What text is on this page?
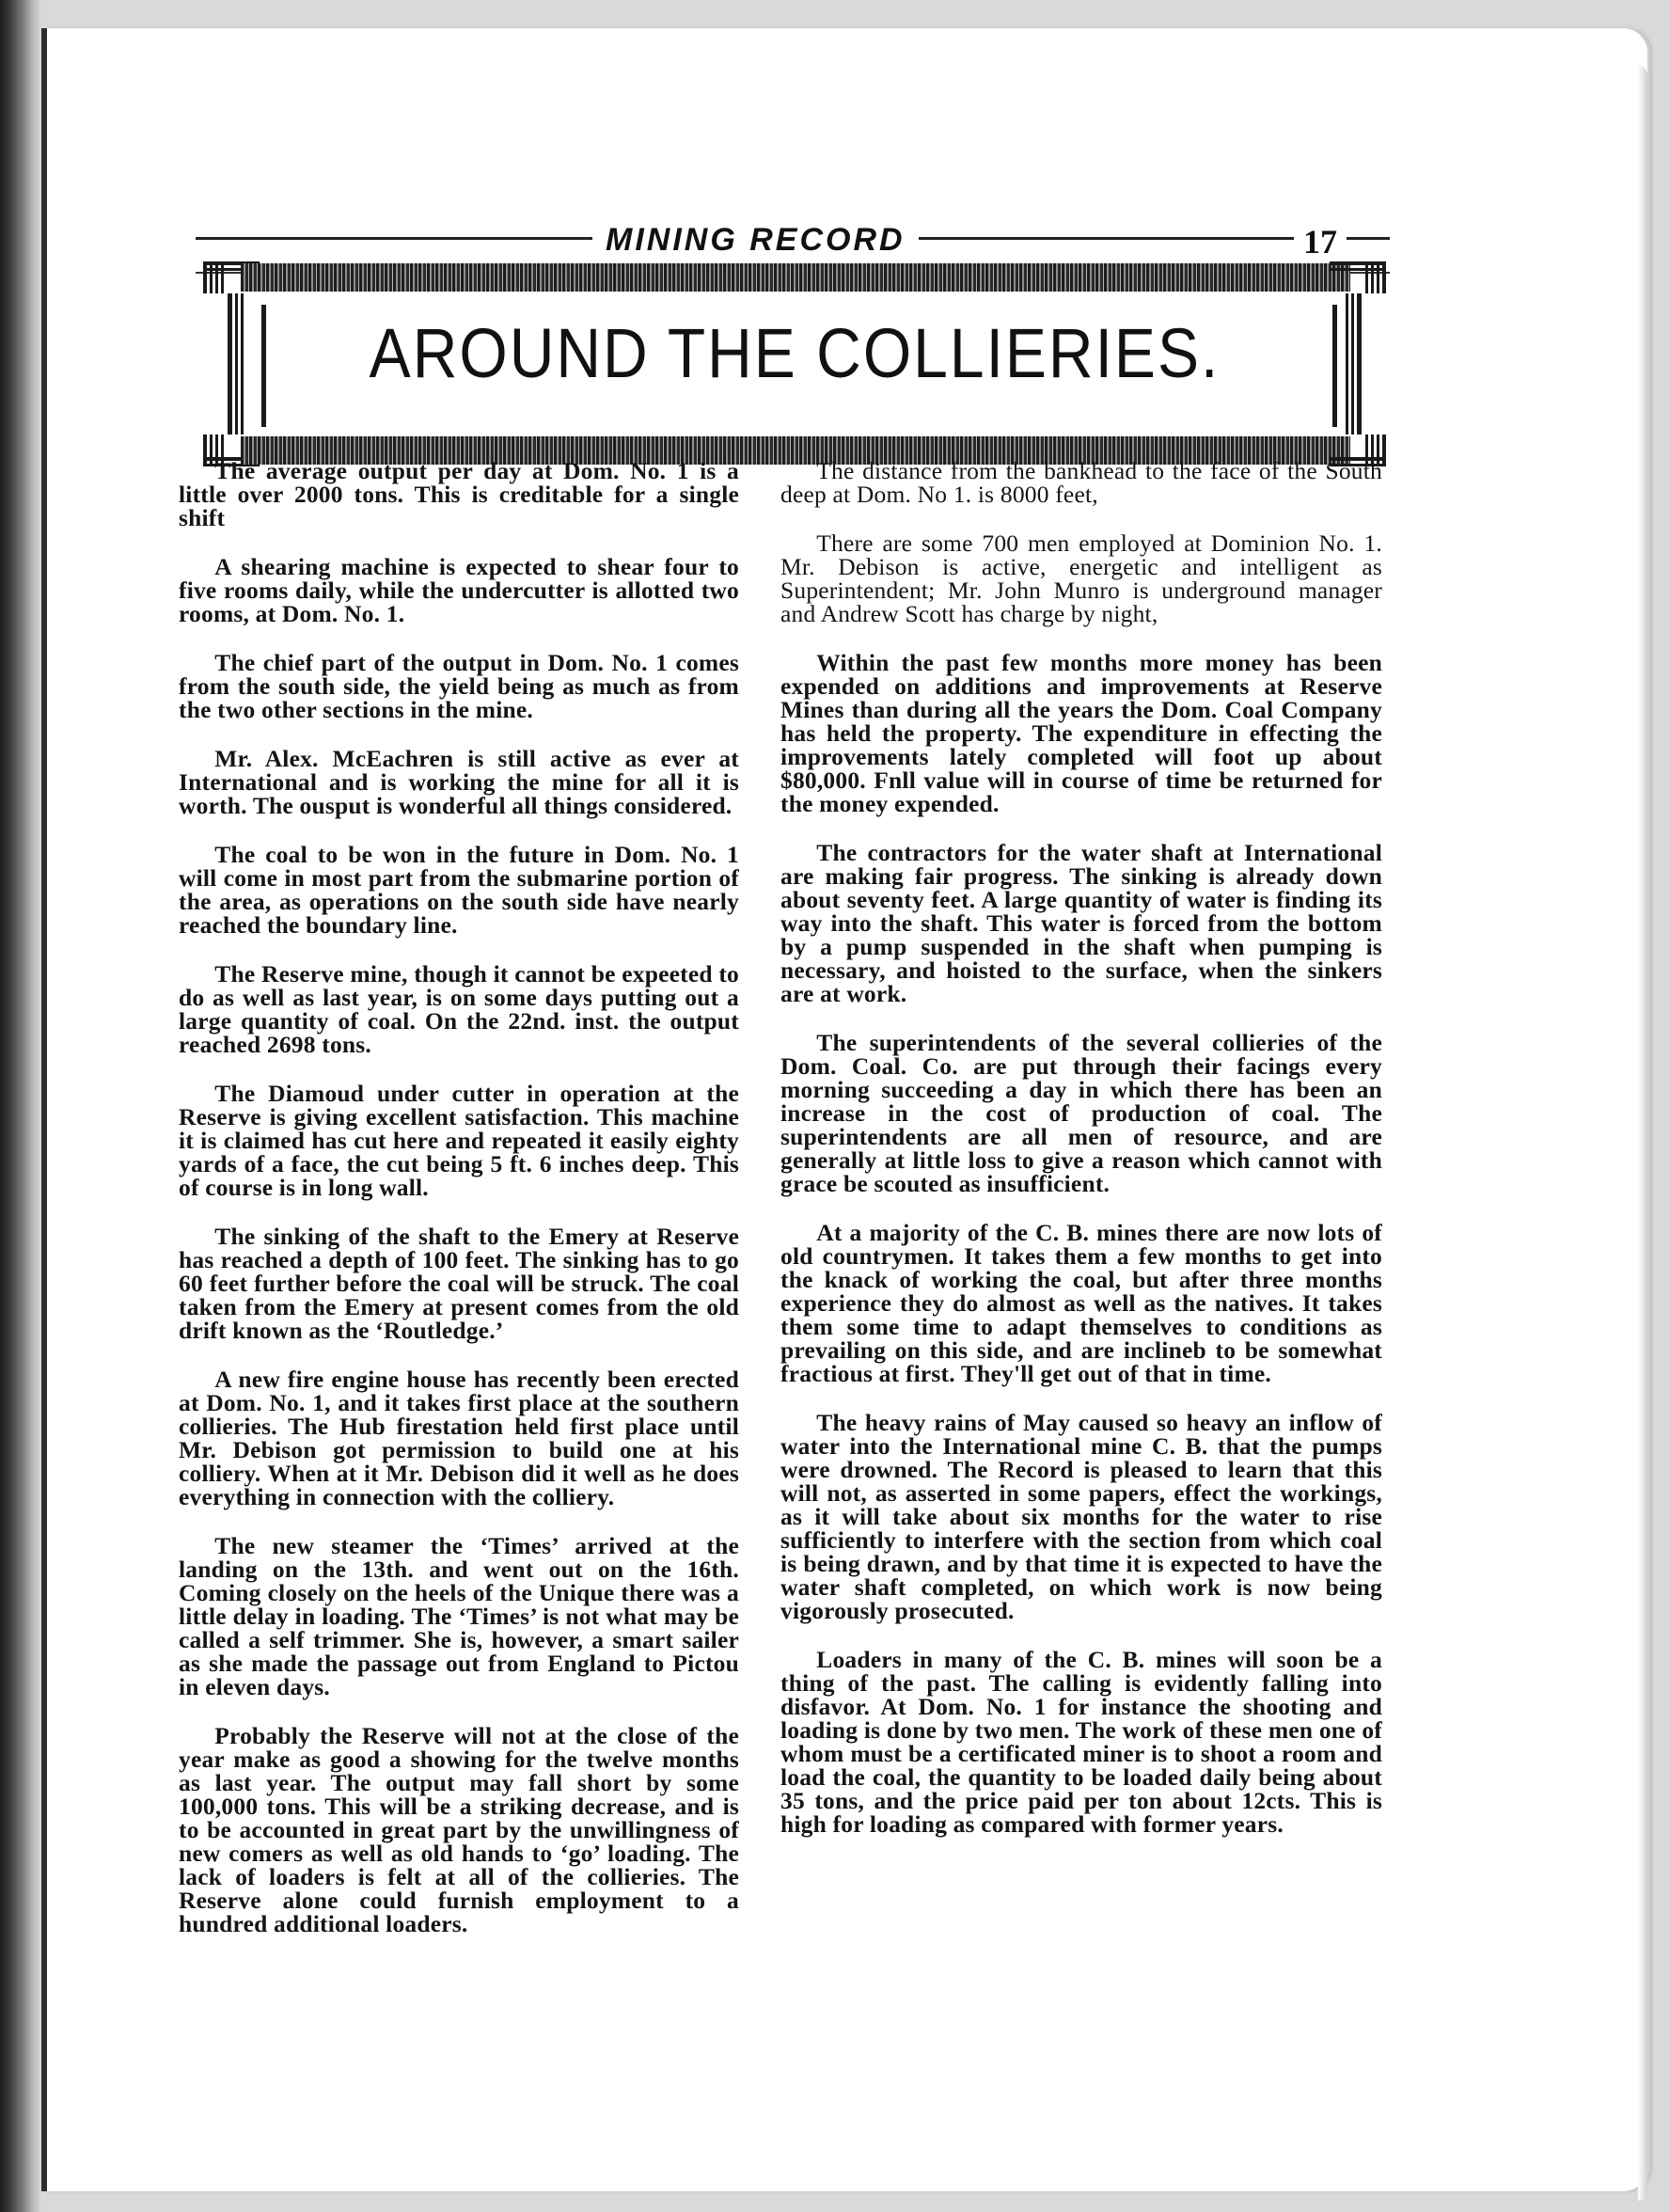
MINING RECORD	17
AROUND THE COLLIERIES.

The average output per day at Dom. No. 1 is a little over 2000 tons. This is creditable for a single shift

A shearing machine is expected to shear four to five rooms daily, while the undercutter is allotted two rooms, at Dom. No. 1.

The chief part of the output in Dom. No. 1 comes from the south side, the yield being as much as from the two other sections in the mine.

Mr. Alex. McEachren is still active as ever at International and is working the mine for all it is worth. The ousput is wonderful all things considered.

The coal to be won in the future in Dom. No. 1 will come in most part from the submarine portion of the area, as operations on the south side have nearly reached the boundary line.

The Reserve mine, though it cannot be expeeted to do as well as last year, is on some days putting out a large quantity of coal. On the 22nd. inst. the output reached 2698 tons.

The Diamoud under cutter in operation at the Reserve is giving excellent satisfaction. This machine it is claimed has cut here and repeated it easily eighty yards of a face, the cut being 5 ft. 6 inches deep. This of course is in long wall.

The sinking of the shaft to the Emery at Reserve has reached a depth of 100 feet. The sinking has to go 60 feet further before the coal will be struck. The coal taken from the Emery at present comes from the old drift known as the ‘Routledge.’

A new fire engine house has recently been erected at Dom. No. 1, and it takes first place at the southern collieries. The Hub firestation held first place until Mr. Debison got permission to build one at his colliery. When at it Mr. Debison did it well as he does everything in connection with the colliery.

The new steamer the ‘Times’ arrived at the landing on the 13th. and went out on the 16th. Coming closely on the heels of the Unique there was a little delay in loading. The ‘Times’ is not what may be called a self trimmer. She is, however, a smart sailer as she made the passage out from England to Pictou in eleven days.

Probably the Reserve will not at the close of the year make as good a showing for the twelve months as last year. The output may fall short by some 100,000 tons. This will be a striking decrease, and is to be accounted in great part by the unwillingness of new comers as well as old hands to ‘go’ loading. The lack of loaders is felt at all of the collieries. The Reserve alone could furnish employment to a hundred additional loaders.

The distance from the bankhead to the face of the South deep at Dom. No 1. is 8000 feet,

There are some 700 men employed at Dominion No. 1. Mr. Debison is active, energetic and intelligent as Superintendent; Mr. John Munro is underground manager and Andrew Scott has charge by night,

Within the past few months more money has been expended on additions and improvements at Reserve Mines than during all the years the Dom. Coal Company has held the property. The expenditure in effecting the improvements lately completed will foot up about $80,000. Fnll value will in course of time be returned for the money expended.

The contractors for the water shaft at International are making fair progress. The sinking is already down about seventy feet. A large quantity of water is finding its way into the shaft. This water is forced from the bottom by a pump suspended in the shaft when pumping is necessary, and hoisted to the surface, when the sinkers are at work.

The superintendents of the several collieries of the Dom. Coal. Co. are put through their facings every morning succeeding a day in which there has been an increase in the cost of production of coal. The superintendents are all men of resource, and are generally at little loss to give a reason which cannot with grace be scouted as insufficient.

At a majority of the C. B. mines there are now lots of old countrymen. It takes them a few months to get into the knack of working the coal, but after three months experience they do almost as well as the natives. It takes them some time to adapt themselves to conditions as prevailing on this side, and are inclineb to be somewhat fractious at first. They'll get out of that in time.

The heavy rains of May caused so heavy an inflow of water into the International mine C. B. that the pumps were drowned. The Record is pleased to learn that this will not, as asserted in some papers, effect the workings, as it will take about six months for the water to rise sufficiently to interfere with the section from which coal is being drawn, and by that time it is expected to have the water shaft completed, on which work is now being vigorously prosecuted.

Loaders in many of the C. B. mines will soon be a thing of the past. The calling is evidently falling into disfavor. At Dom. No. 1 for instance the shooting and loading is done by two men. The work of these men one of whom must be a certificated miner is to shoot a room and load the coal, the quantity to be loaded daily being about 35 tons, and the price paid per ton about 12cts. This is high for loading as compared with former years.
